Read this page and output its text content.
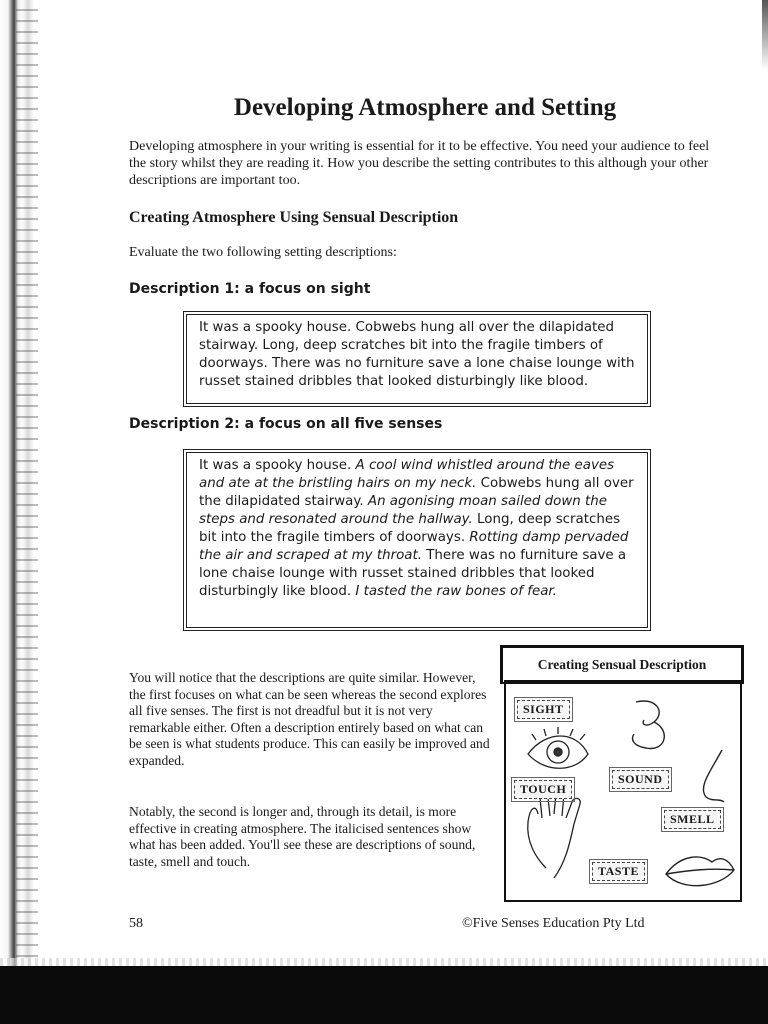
Developing Atmosphere and Setting

Developing atmosphere in your writing is essential for it to be effective. You need your audience to feel the story whilst they are reading it. How you describe the setting contributes to this although your other descriptions are important too.

Creating Atmosphere Using Sensual Description

Evaluate the two following setting descriptions:

Description 1: a focus on sight
It was a spooky house. Cobwebs hung all over the dilapidated stairway. Long, deep scratches bit into the fragile timbers of doorways. There was no furniture save a lone chaise lounge with russet stained dribbles that looked disturbingly like blood.
Description 2: a focus on all five senses
It was a spooky house. A cool wind whistled around the eaves and ate at the bristling hairs on my neck. Cobwebs hung all over the dilapidated stairway. An agonising moan sailed down the steps and resonated around the hallway. Long, deep scratches bit into the fragile timbers of doorways. Rotting damp pervaded the air and scraped at my throat. There was no furniture save a lone chaise lounge with russet stained dribbles that looked disturbingly like blood. I tasted the raw bones of fear.

You will notice that the descriptions are quite similar. However, the first focuses on what can be seen whereas the second explores all five senses. The first is not dreadful but it is not very remarkable either. Often a description entirely based on what can be seen is what students produce. This can easily be improved and expanded.

Notably, the second is longer and, through its detail, is more effective in creating atmosphere. The italicised sentences show what has been added. You'll see these are descriptions of sound, taste, smell and touch.

Creating Sensual Description
SIGHT
SOUND
TOUCH
SMELL
TASTE

58	©Five Senses Education Pty Ltd
